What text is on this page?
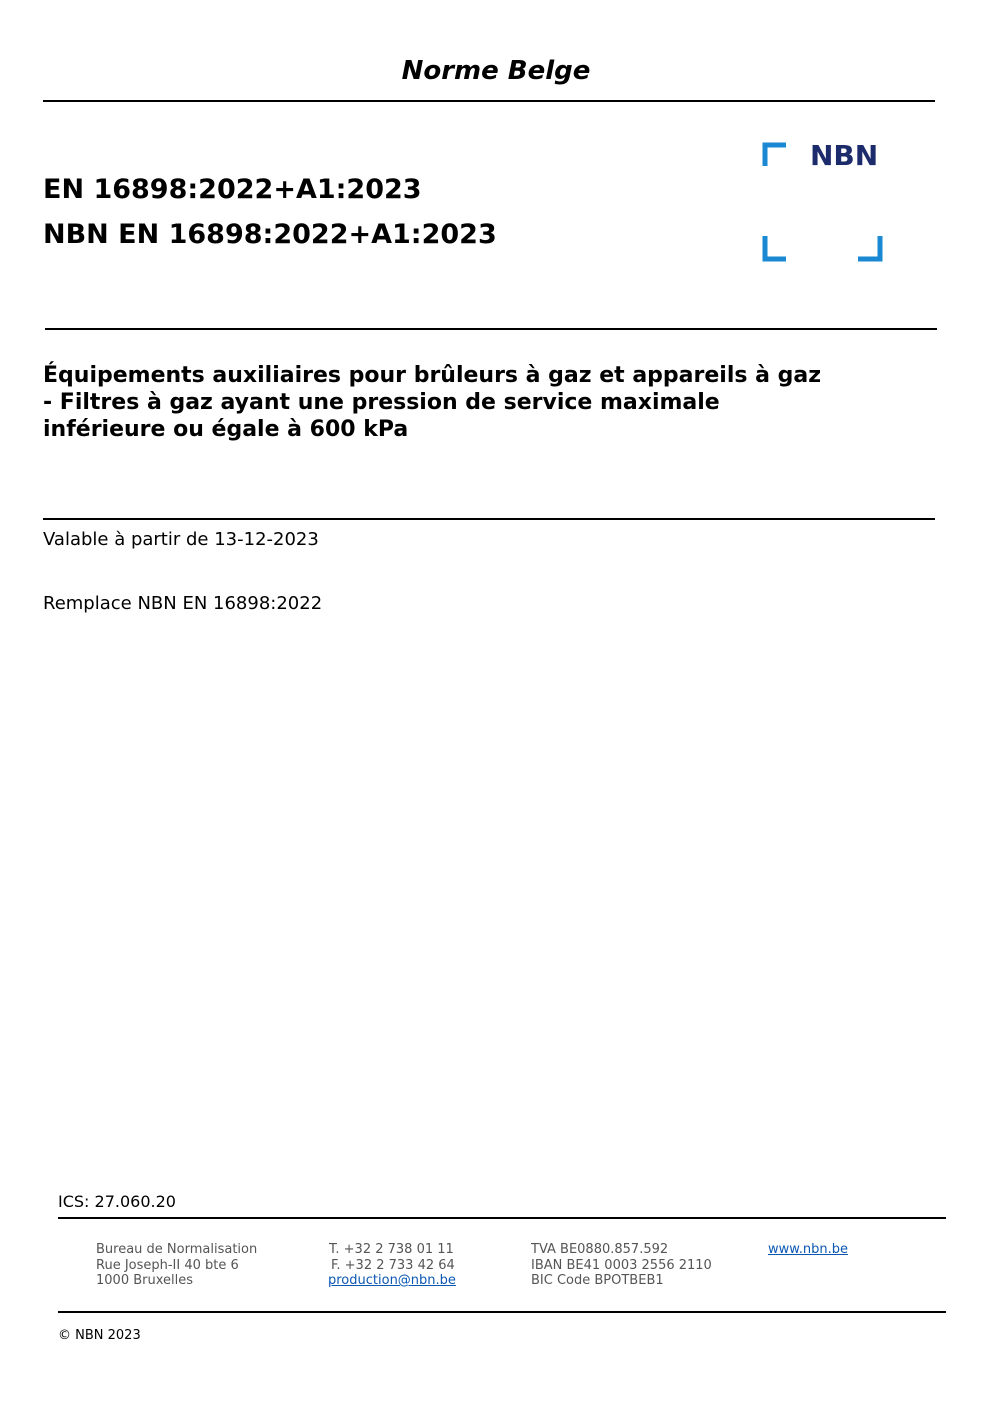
Norme Belge
EN 16898:2022+A1:2023
NBN EN 16898:2022+A1:2023
NBN
Équipements auxiliaires pour brûleurs à gaz et appareils à gaz
- Filtres à gaz ayant une pression de service maximale
inférieure ou égale à 600 kPa
Valable à partir de 13-12-2023
Remplace NBN EN 16898:2022
ICS: 27.060.20
Bureau de Normalisation
Rue Joseph-II 40 bte 6
1000 Bruxelles
T. +32 2 738 01 11
F. +32 2 733 42 64
production@nbn.be
TVA BE0880.857.592
IBAN BE41 0003 2556 2110
BIC Code BPOTBEB1
www.nbn.be
© NBN 2023
